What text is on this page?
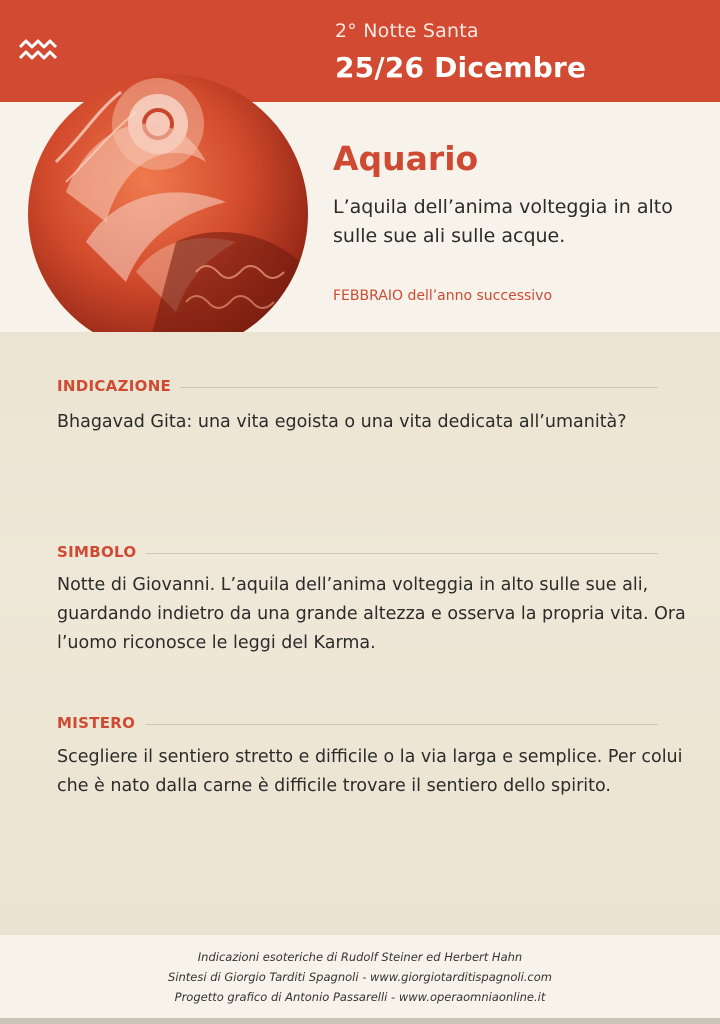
2° Notte Santa
25/26 Dicembre
Aquario
L’aquila dell’anima volteggia in alto sulle sue ali sulle acque.
FEBBRAIO dell’anno successivo
INDICAZIONE
Bhagavad Gita: una vita egoista o una vita dedicata all’umanità?
SIMBOLO
Notte di Giovanni. L’aquila dell’anima volteggia in alto sulle sue ali, guardando indietro da una grande altezza e osserva la propria vita. Ora l’uomo riconosce le leggi del Karma.
MISTERO
Scegliere il sentiero stretto e difficile o la via larga e semplice. Per colui che è nato dalla carne è difficile trovare il sentiero dello spirito.
Indicazioni esoteriche di Rudolf Steiner ed Herbert Hahn
Sintesi di Giorgio Tarditi Spagnoli - www.giorgiotarditispagnoli.com
Progetto grafico di Antonio Passarelli - www.operaomniaonline.it
